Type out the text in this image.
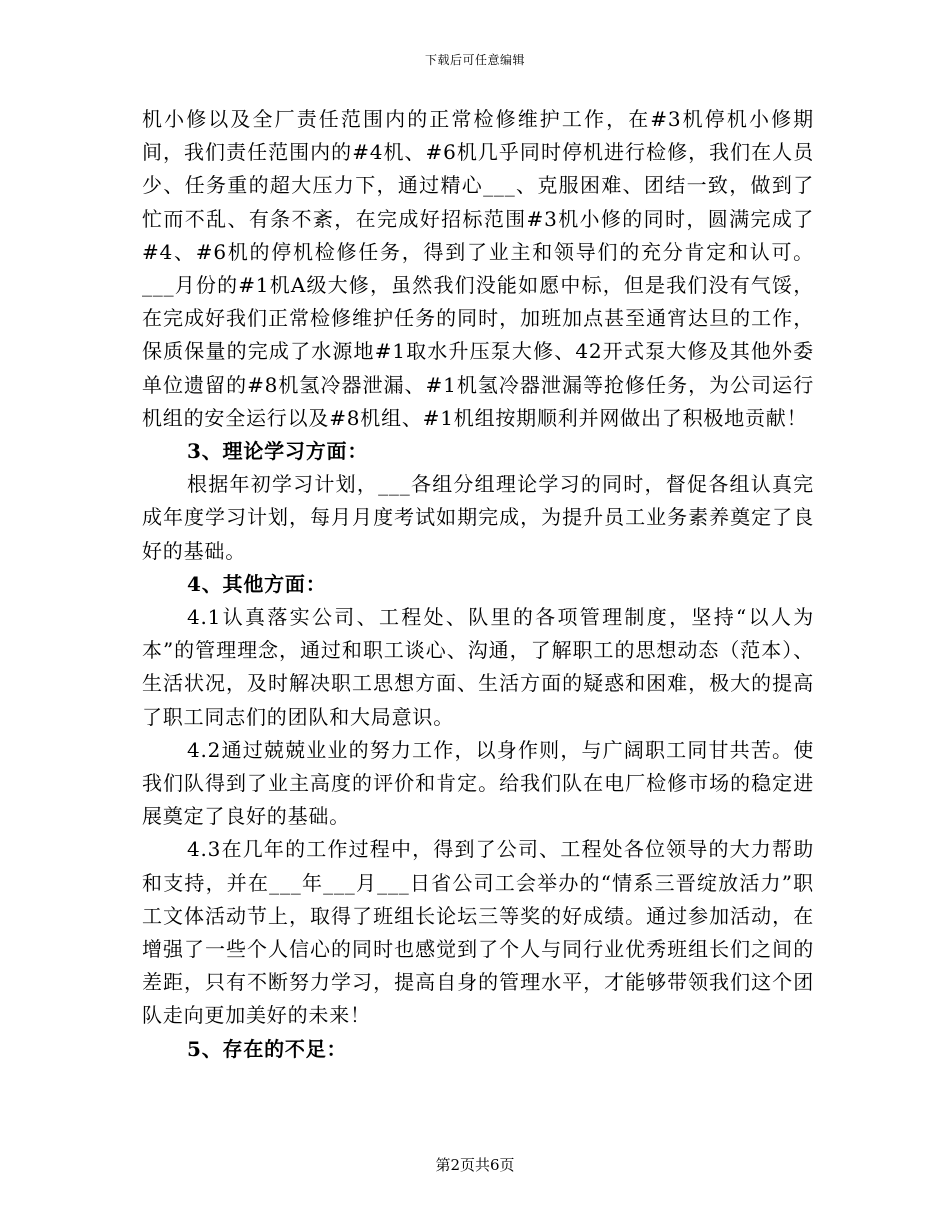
下载后可任意编辑

机小修以及全厂责任范围内的正常检修维护工作，在#3机停机小修期间，我们责任范围内的#4机、#6机几乎同时停机进行检修，我们在人员少、任务重的超大压力下，通过精心___、克服困难、团结一致，做到了忙而不乱、有条不紊，在完成好招标范围#3机小修的同时，圆满完成了#4、#6机的停机检修任务，得到了业主和领导们的充分肯定和认可。___月份的#1机A级大修，虽然我们没能如愿中标，但是我们没有气馁，在完成好我们正常检修维护任务的同时，加班加点甚至通宵达旦的工作，保质保量的完成了水源地#1取水升压泵大修、42开式泵大修及其他外委单位遗留的#8机氢冷器泄漏、#1机氢冷器泄漏等抢修任务，为公司运行机组的安全运行以及#8机组、#1机组按期顺利并网做出了积极地贡献！

3、理论学习方面：

根据年初学习计划，___各组分组理论学习的同时，督促各组认真完成年度学习计划，每月月度考试如期完成，为提升员工业务素养奠定了良好的基础。

4、其他方面：

4.1认真落实公司、工程处、队里的各项管理制度，坚持“以人为本”的管理理念，通过和职工谈心、沟通，了解职工的思想动态（范本）、生活状况，及时解决职工思想方面、生活方面的疑惑和困难，极大的提高了职工同志们的团队和大局意识。

4.2通过兢兢业业的努力工作，以身作则，与广阔职工同甘共苦。使我们队得到了业主高度的评价和肯定。给我们队在电厂检修市场的稳定进展奠定了良好的基础。

4.3在几年的工作过程中，得到了公司、工程处各位领导的大力帮助和支持，并在___年___月___日省公司工会举办的“情系三晋绽放活力”职工文体活动节上，取得了班组长论坛三等奖的好成绩。通过参加活动，在增强了一些个人信心的同时也感觉到了个人与同行业优秀班组长们之间的差距，只有不断努力学习，提高自身的管理水平，才能够带领我们这个团队走向更加美好的未来！

5、存在的不足：

第2页共6页
